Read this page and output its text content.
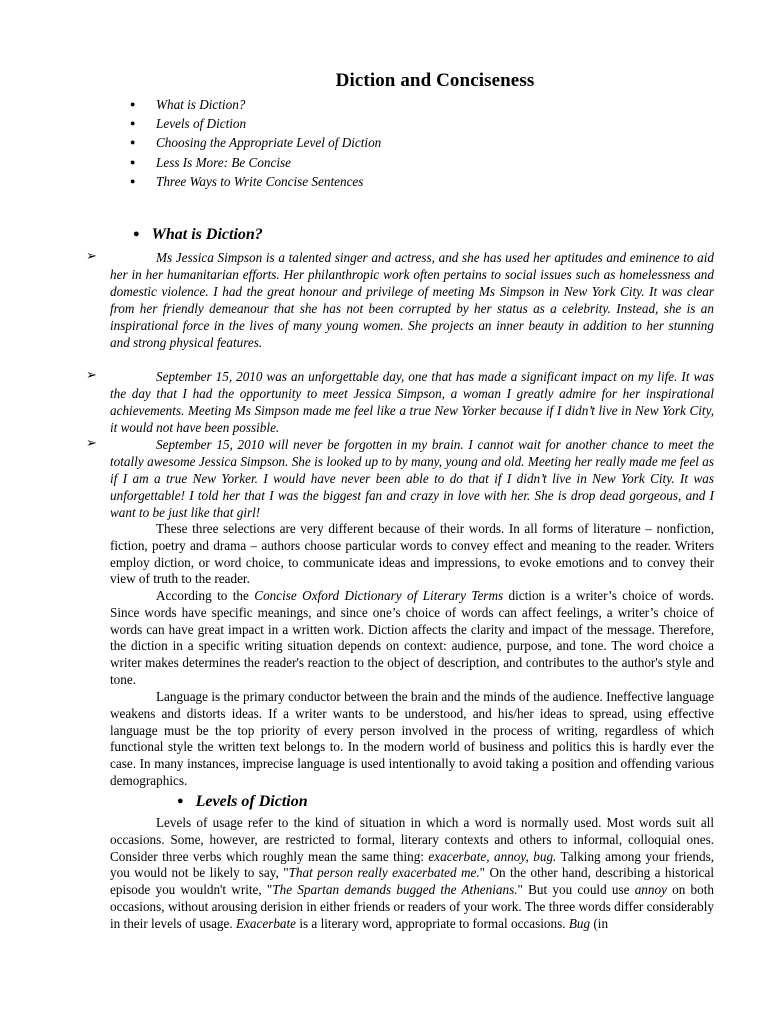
Diction and Conciseness
● What is Diction?
● Levels of Diction
● Choosing the Appropriate Level of Diction
● Less Is More: Be Concise
● Three Ways to Write Concise Sentences
● What is Diction?
➢	Ms Jessica Simpson is a talented singer and actress, and she has used her aptitudes and eminence to aid her in her humanitarian efforts. Her philanthropic work often pertains to social issues such as homelessness and domestic violence. I had the great honour and privilege of meeting Ms Simpson in New York City. It was clear from her friendly demeanour that she has not been corrupted by her status as a celebrity. Instead, she is an inspirational force in the lives of many young women. She projects an inner beauty in addition to her stunning and strong physical features.

➢	September 15, 2010 was an unforgettable day, one that has made a significant impact on my life. It was the day that I had the opportunity to meet Jessica Simpson, a woman I greatly admire for her inspirational achievements. Meeting Ms Simpson made me feel like a true New Yorker because if I didn’t live in New York City, it would not have been possible.

➢	September 15, 2010 will never be forgotten in my brain. I cannot wait for another chance to meet the totally awesome Jessica Simpson. She is looked up to by many, young and old. Meeting her really made me feel as if I am a true New Yorker. I would have never been able to do that if I didn’t live in New York City. It was unforgettable! I told her that I was the biggest fan and crazy in love with her. She is drop dead gorgeous, and I want to be just like that girl!

These three selections are very different because of their words. In all forms of literature – nonfiction, fiction, poetry and drama – authors choose particular words to convey effect and meaning to the reader. Writers employ diction, or word choice, to communicate ideas and impressions, to evoke emotions and to convey their view of truth to the reader.

According to the Concise Oxford Dictionary of Literary Terms diction is a writer’s choice of words. Since words have specific meanings, and since one’s choice of words can affect feelings, a writer’s choice of words can have great impact in a written work. Diction affects the clarity and impact of the message. Therefore, the diction in a specific writing situation depends on context: audience, purpose, and tone. The word choice a writer makes determines the reader's reaction to the object of description, and contributes to the author's style and tone.

Language is the primary conductor between the brain and the minds of the audience. Ineffective language weakens and distorts ideas. If a writer wants to be understood, and his/her ideas to spread, using effective language must be the top priority of every person involved in the process of writing, regardless of which functional style the written text belongs to. In the modern world of business and politics this is hardly ever the case. In many instances, imprecise language is used intentionally to avoid taking a position and offending various demographics.

● Levels of Diction

Levels of usage refer to the kind of situation in which a word is normally used. Most words suit all occasions. Some, however, are restricted to formal, literary contexts and others to informal, colloquial ones. Consider three verbs which roughly mean the same thing: exacerbate, annoy, bug. Talking among your friends, you would not be likely to say, "That person really exacerbated me." On the other hand, describing a historical episode you wouldn't write, "The Spartan demands bugged the Athenians." But you could use annoy on both occasions, without arousing derision in either friends or readers of your work. The three words differ considerably in their levels of usage. Exacerbate is a literary word, appropriate to formal occasions. Bug (in
